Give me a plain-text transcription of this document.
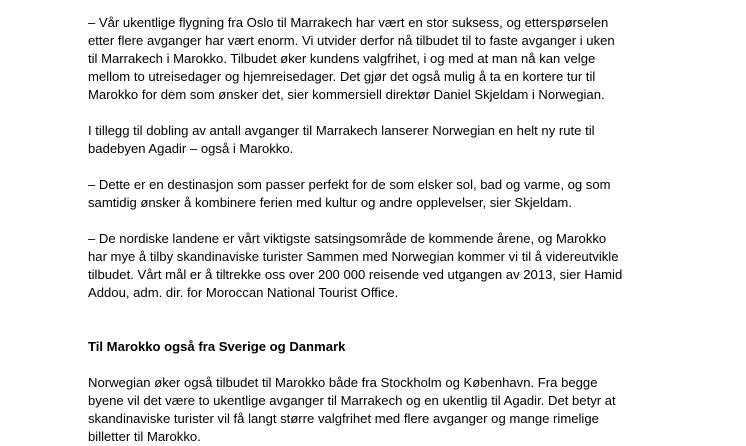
– Vår ukentlige flygning fra Oslo til Marrakech har vært en stor suksess, og etterspørselen
etter flere avganger har vært enorm. Vi utvider derfor nå tilbudet til to faste avganger i uken
til Marrakech i Marokko. Tilbudet øker kundens valgfrihet, i og med at man nå kan velge
mellom to utreisedager og hjemreisedager. Det gjør det også mulig å ta en kortere tur til
Marokko for dem som ønsker det, sier kommersiell direktør Daniel Skjeldam i Norwegian.

I tillegg til dobling av antall avganger til Marrakech lanserer Norwegian en helt ny rute til
badebyen Agadir – også i Marokko.

– Dette er en destinasjon som passer perfekt for de som elsker sol, bad og varme, og som
samtidig ønsker å kombinere ferien med kultur og andre opplevelser, sier Skjeldam.

– De nordiske landene er vårt viktigste satsingsområde de kommende årene, og Marokko
har mye å tilby skandinaviske turister Sammen med Norwegian kommer vi til å videreutvikle
tilbudet. Vårt mål er å tiltrekke oss over 200 000 reisende ved utgangen av 2013, sier Hamid
Addou, adm. dir. for Moroccan National Tourist Office.

Til Marokko også fra Sverige og Danmark

Norwegian øker også tilbudet til Marokko både fra Stockholm og København. Fra begge
byene vil det være to ukentlige avganger til Marrakech og en ukentlig til Agadir. Det betyr at
skandinaviske turister vil få langt større valgfrihet med flere avganger og mange rimelige
billetter til Marokko.
